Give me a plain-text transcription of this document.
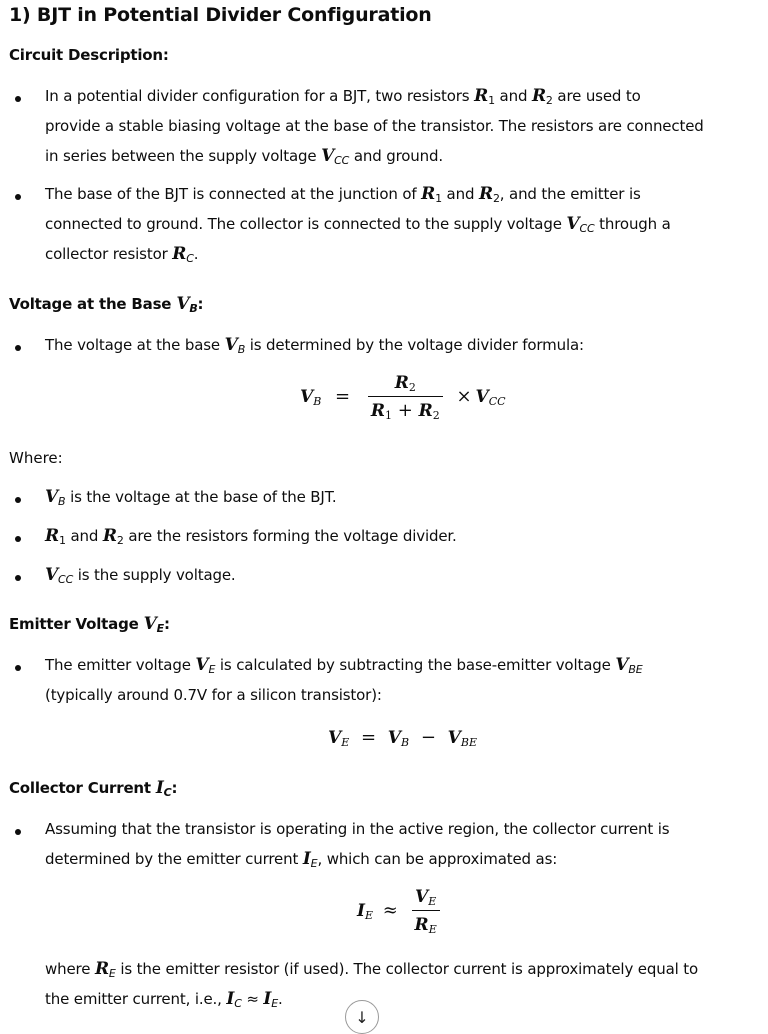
1) BJT in Potential Divider Configuration
Circuit Description:
In a potential divider configuration for a BJT, two resistors $R_1$ and $R_2$ are used to
provide a stable biasing voltage at the base of the transistor. The resistors are connected
in series between the supply voltage $V_{CC}$ and ground.
The base of the BJT is connected at the junction of $R_1$ and $R_2$, and the emitter is
connected to ground. The collector is connected to the supply voltage $V_{CC}$ through a
collector resistor $R_C$.
Voltage at the Base $V_B$:
The voltage at the base $V_B$ is determined by the voltage divider formula:
$V_B = \frac{R_2}{R_1 + R_2} \times V_{CC}$

Where:

$V_B$ is the voltage at the base of the BJT.
$R_1$ and $R_2$ are the resistors forming the voltage divider.
$V_{CC}$ is the supply voltage.
Emitter Voltage $V_E$:
The emitter voltage $V_E$ is calculated by subtracting the base-emitter voltage $V_{BE}$
(typically around 0.7V for a silicon transistor):
$V_E = V_B - V_{BE}$
Collector Current $I_C$:
Assuming that the transistor is operating in the active region, the collector current is
determined by the emitter current $I_E$, which can be approximated as:
$I_E \approx \frac{V_E}{R_E}$
where $R_E$ is the emitter resistor (if used). The collector current is approximately equal to
the emitter current, i.e., $I_C \approx I_E$.
↓
